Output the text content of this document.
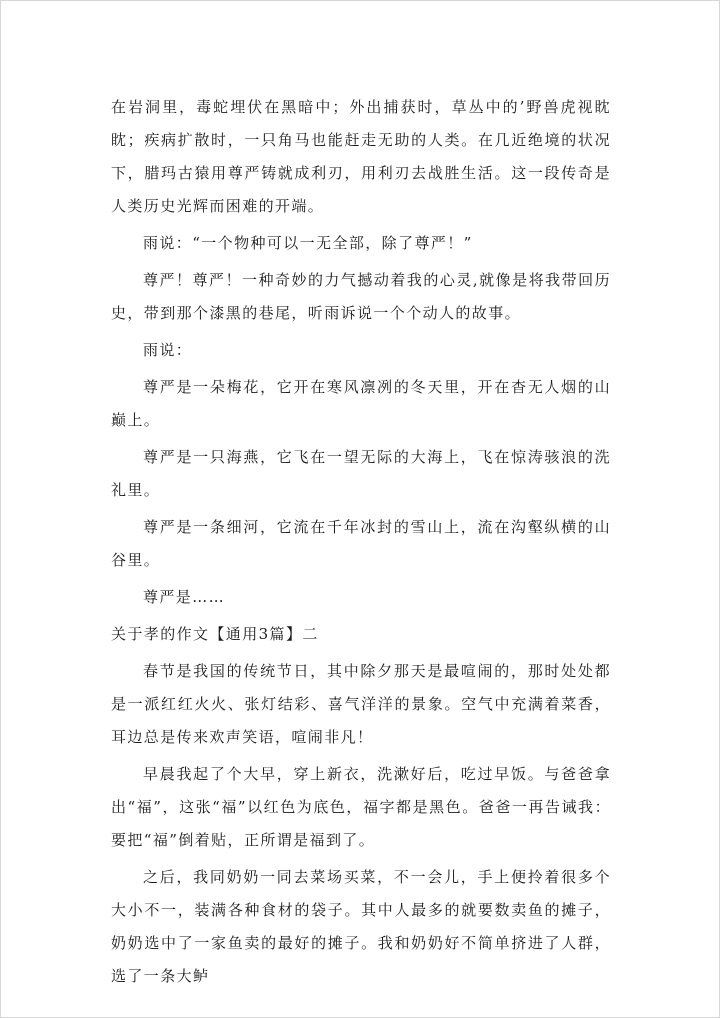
在岩洞里，毒蛇埋伏在黑暗中；外出捕获时，草丛中的’野兽虎视眈眈；疾病扩散时，一只角马也能赶走无助的人类。在几近绝境的状况下，腊玛古猿用尊严铸就成利刃，用利刃去战胜生活。这一段传奇是人类历史光辉而困难的开端。

雨说：“一个物种可以一无全部，除了尊严！”

尊严！尊严！一种奇妙的力气撼动着我的心灵,就像是将我带回历史，带到那个漆黑的巷尾，听雨诉说一个个动人的故事。

雨说：

尊严是一朵梅花，它开在寒风凛冽的冬天里，开在杳无人烟的山巅上。

尊严是一只海燕，它飞在一望无际的大海上，飞在惊涛骇浪的洗礼里。

尊严是一条细河，它流在千年冰封的雪山上，流在沟壑纵横的山谷里。

尊严是……

关于孝的作文【通用3篇】二

春节是我国的传统节日，其中除夕那天是最喧闹的，那时处处都是一派红红火火、张灯结彩、喜气洋洋的景象。空气中充满着菜香，耳边总是传来欢声笑语，喧闹非凡！

早晨我起了个大早，穿上新衣，洗漱好后，吃过早饭。与爸爸拿出“福”，这张“福”以红色为底色，福字都是黑色。爸爸一再告诫我：要把“福”倒着贴，正所谓是福到了。

之后，我同奶奶一同去菜场买菜，不一会儿，手上便拎着很多个大小不一，装满各种食材的袋子。其中人最多的就要数卖鱼的摊子，奶奶选中了一家鱼卖的最好的摊子。我和奶奶好不简单挤进了人群，选了一条大鲈
